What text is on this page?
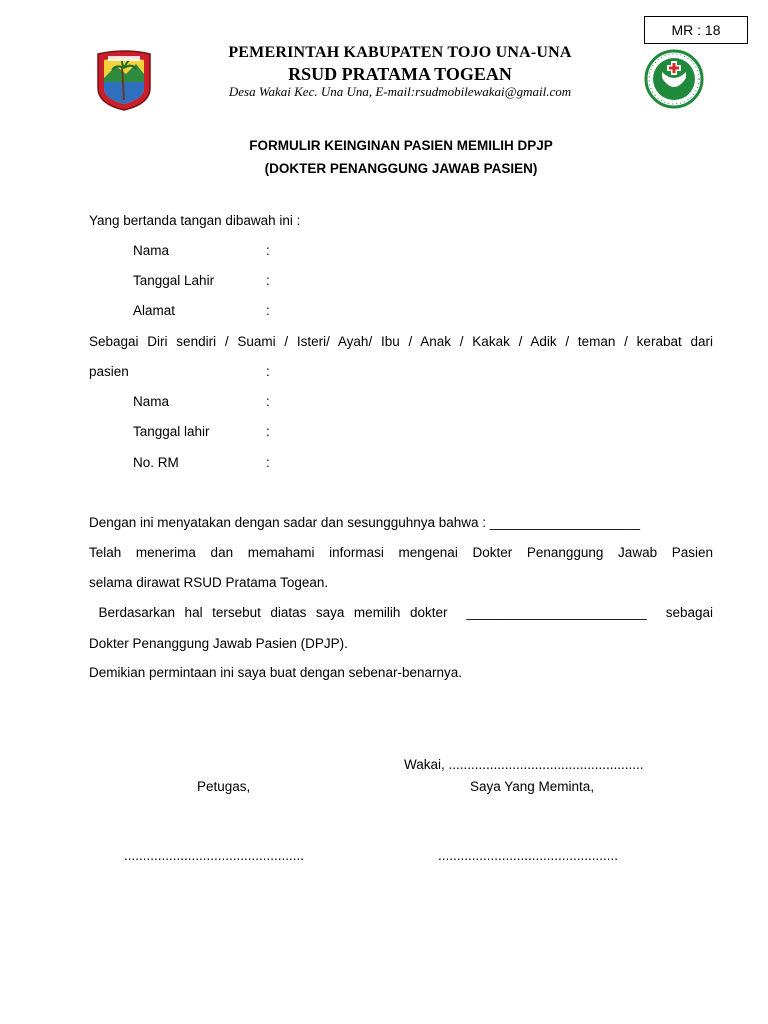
MR : 18
PEMERINTAH KABUPATEN TOJO UNA-UNA
RSUD PRATAMA TOGEAN
Desa Wakai Kec. Una Una, E-mail:rsudmobilewakai@gmail.com
FORMULIR KEINGINAN PASIEN MEMILIH DPJP
(DOKTER PENANGGUNG JAWAB PASIEN)
Yang bertanda tangan dibawah ini :
Nama	:
Tanggal Lahir	:
Alamat	:
Sebagai Diri sendiri / Suami / Isteri/ Ayah/ Ibu / Anak / Kakak / Adik / teman / kerabat dari
pasien	:
Nama	:
Tanggal lahir	:
No. RM	:
Dengan ini menyatakan dengan sadar dan sesungguhnya bahwa : ____________________
Telah menerima dan memahami informasi mengenai Dokter Penanggung Jawab Pasien
selama dirawat RSUD Pratama Togean.
Berdasarkan hal tersebut diatas saya memilih dokter  ________________________  sebagai
Dokter Penanggung Jawab Pasien (DPJP).
Demikian permintaan ini saya buat dengan sebenar-benarnya.
Wakai, ....................................................
Petugas,	Saya Yang Meminta,
................................................	................................................
